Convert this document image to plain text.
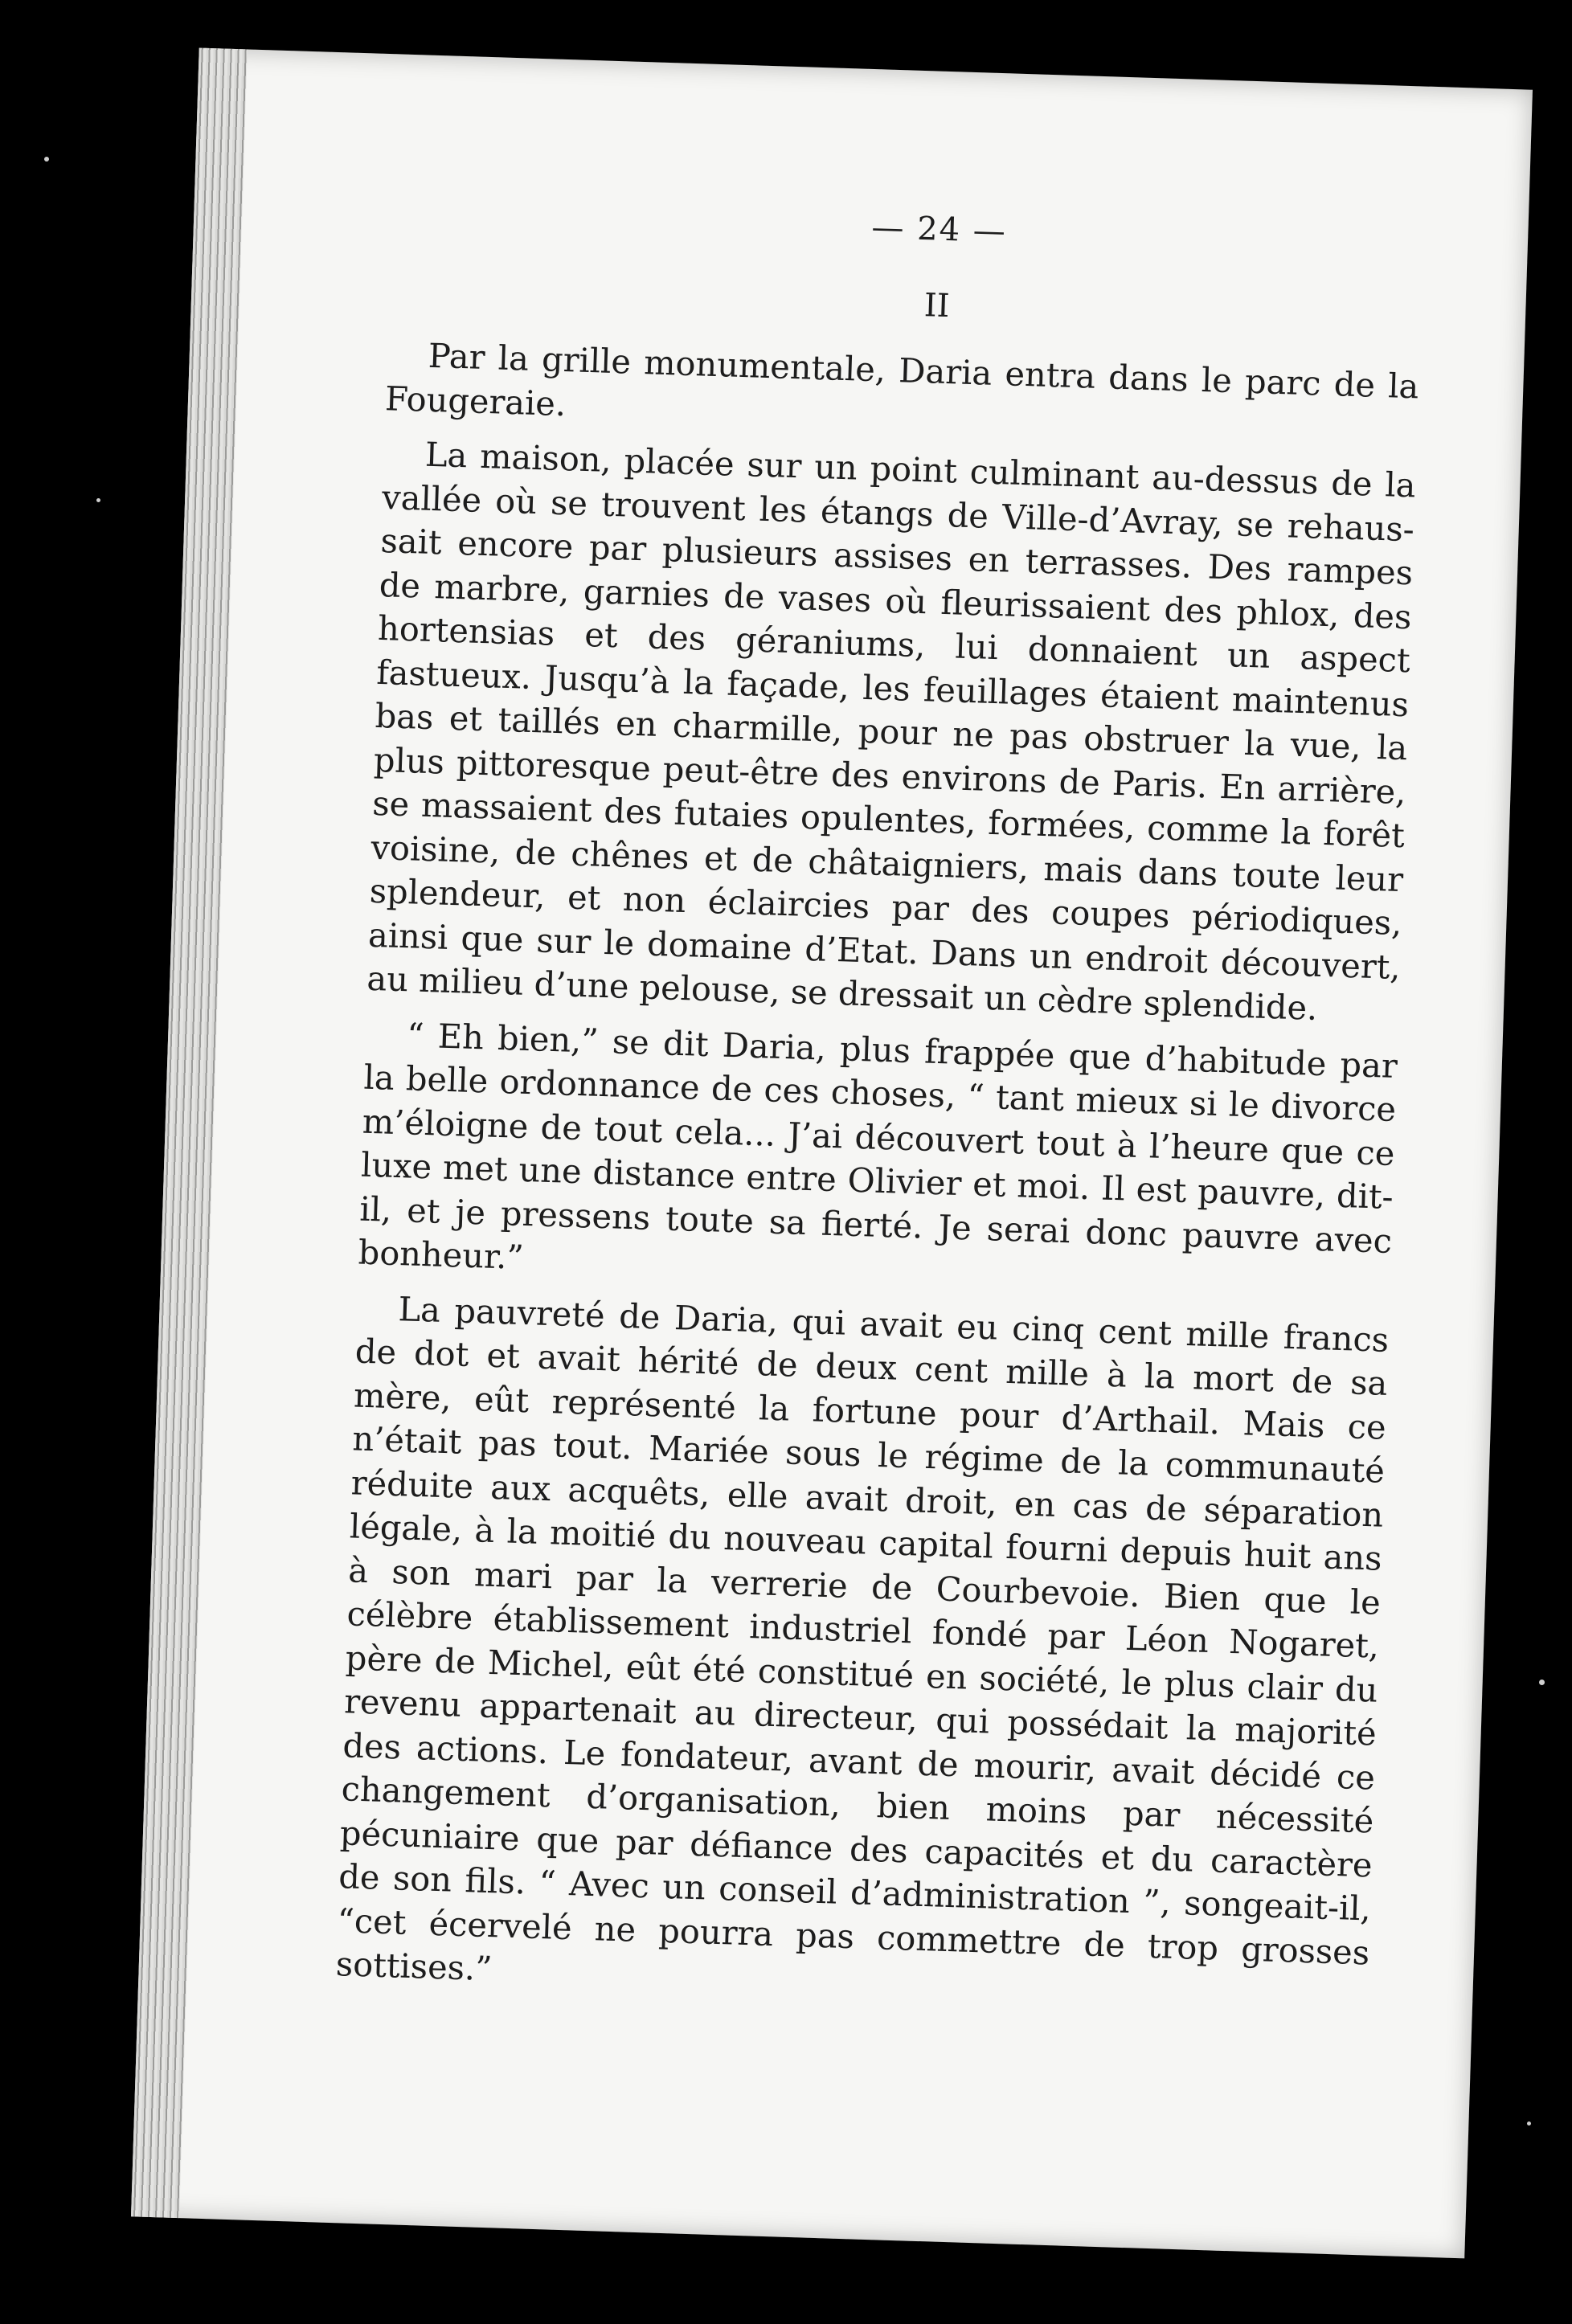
— 24 —
II

Par la grille monumentale, Daria entra dans le parc de la Fougeraie.

La maison, placée sur un point culminant au-dessus de la vallée où se trouvent les étangs de Ville-d’Avray, se rehaussait encore par plusieurs assises en terrasses. Des rampes de marbre, garnies de vases où fleurissaient des phlox, des hortensias et des géraniums, lui donnaient un aspect fastueux. Jusqu’à la façade, les feuillages étaient maintenus bas et taillés en charmille, pour ne pas obstruer la vue, la plus pittoresque peut-être des environs de Paris. En arrière, se massaient des futaies opulentes, formées, comme la forêt voisine, de chênes et de châtaigniers, mais dans toute leur splendeur, et non éclaircies par des coupes périodiques, ainsi que sur le domaine d’Etat. Dans un endroit découvert, au milieu d’une pelouse, se dressait un cèdre splendide.

“ Eh bien,” se dit Daria, plus frappée que d’habitude par la belle ordonnance de ces choses, “ tant mieux si le divorce m’éloigne de tout cela... J’ai découvert tout à l’heure que ce luxe met une distance entre Olivier et moi. Il est pauvre, dit-il, et je pressens toute sa fierté. Je serai donc pauvre avec bonheur.”

La pauvreté de Daria, qui avait eu cinq cent mille francs de dot et avait hérité de deux cent mille à la mort de sa mère, eût représenté la fortune pour d’Arthail. Mais ce n’était pas tout. Mariée sous le régime de la communauté réduite aux acquêts, elle avait droit, en cas de séparation légale, à la moitié du nouveau capital fourni depuis huit ans à son mari par la verrerie de Courbevoie. Bien que le célèbre établissement industriel fondé par Léon Nogaret, père de Michel, eût été constitué en société, le plus clair du revenu appartenait au directeur, qui possédait la majorité des actions. Le fondateur, avant de mourir, avait décidé ce changement d’organisation, bien moins par nécessité pécuniaire que par défiance des capacités et du caractère de son fils. “ Avec un conseil d’administration ”, songeait-il, “cet écervelé ne pourra pas commettre de trop grosses sottises.”
